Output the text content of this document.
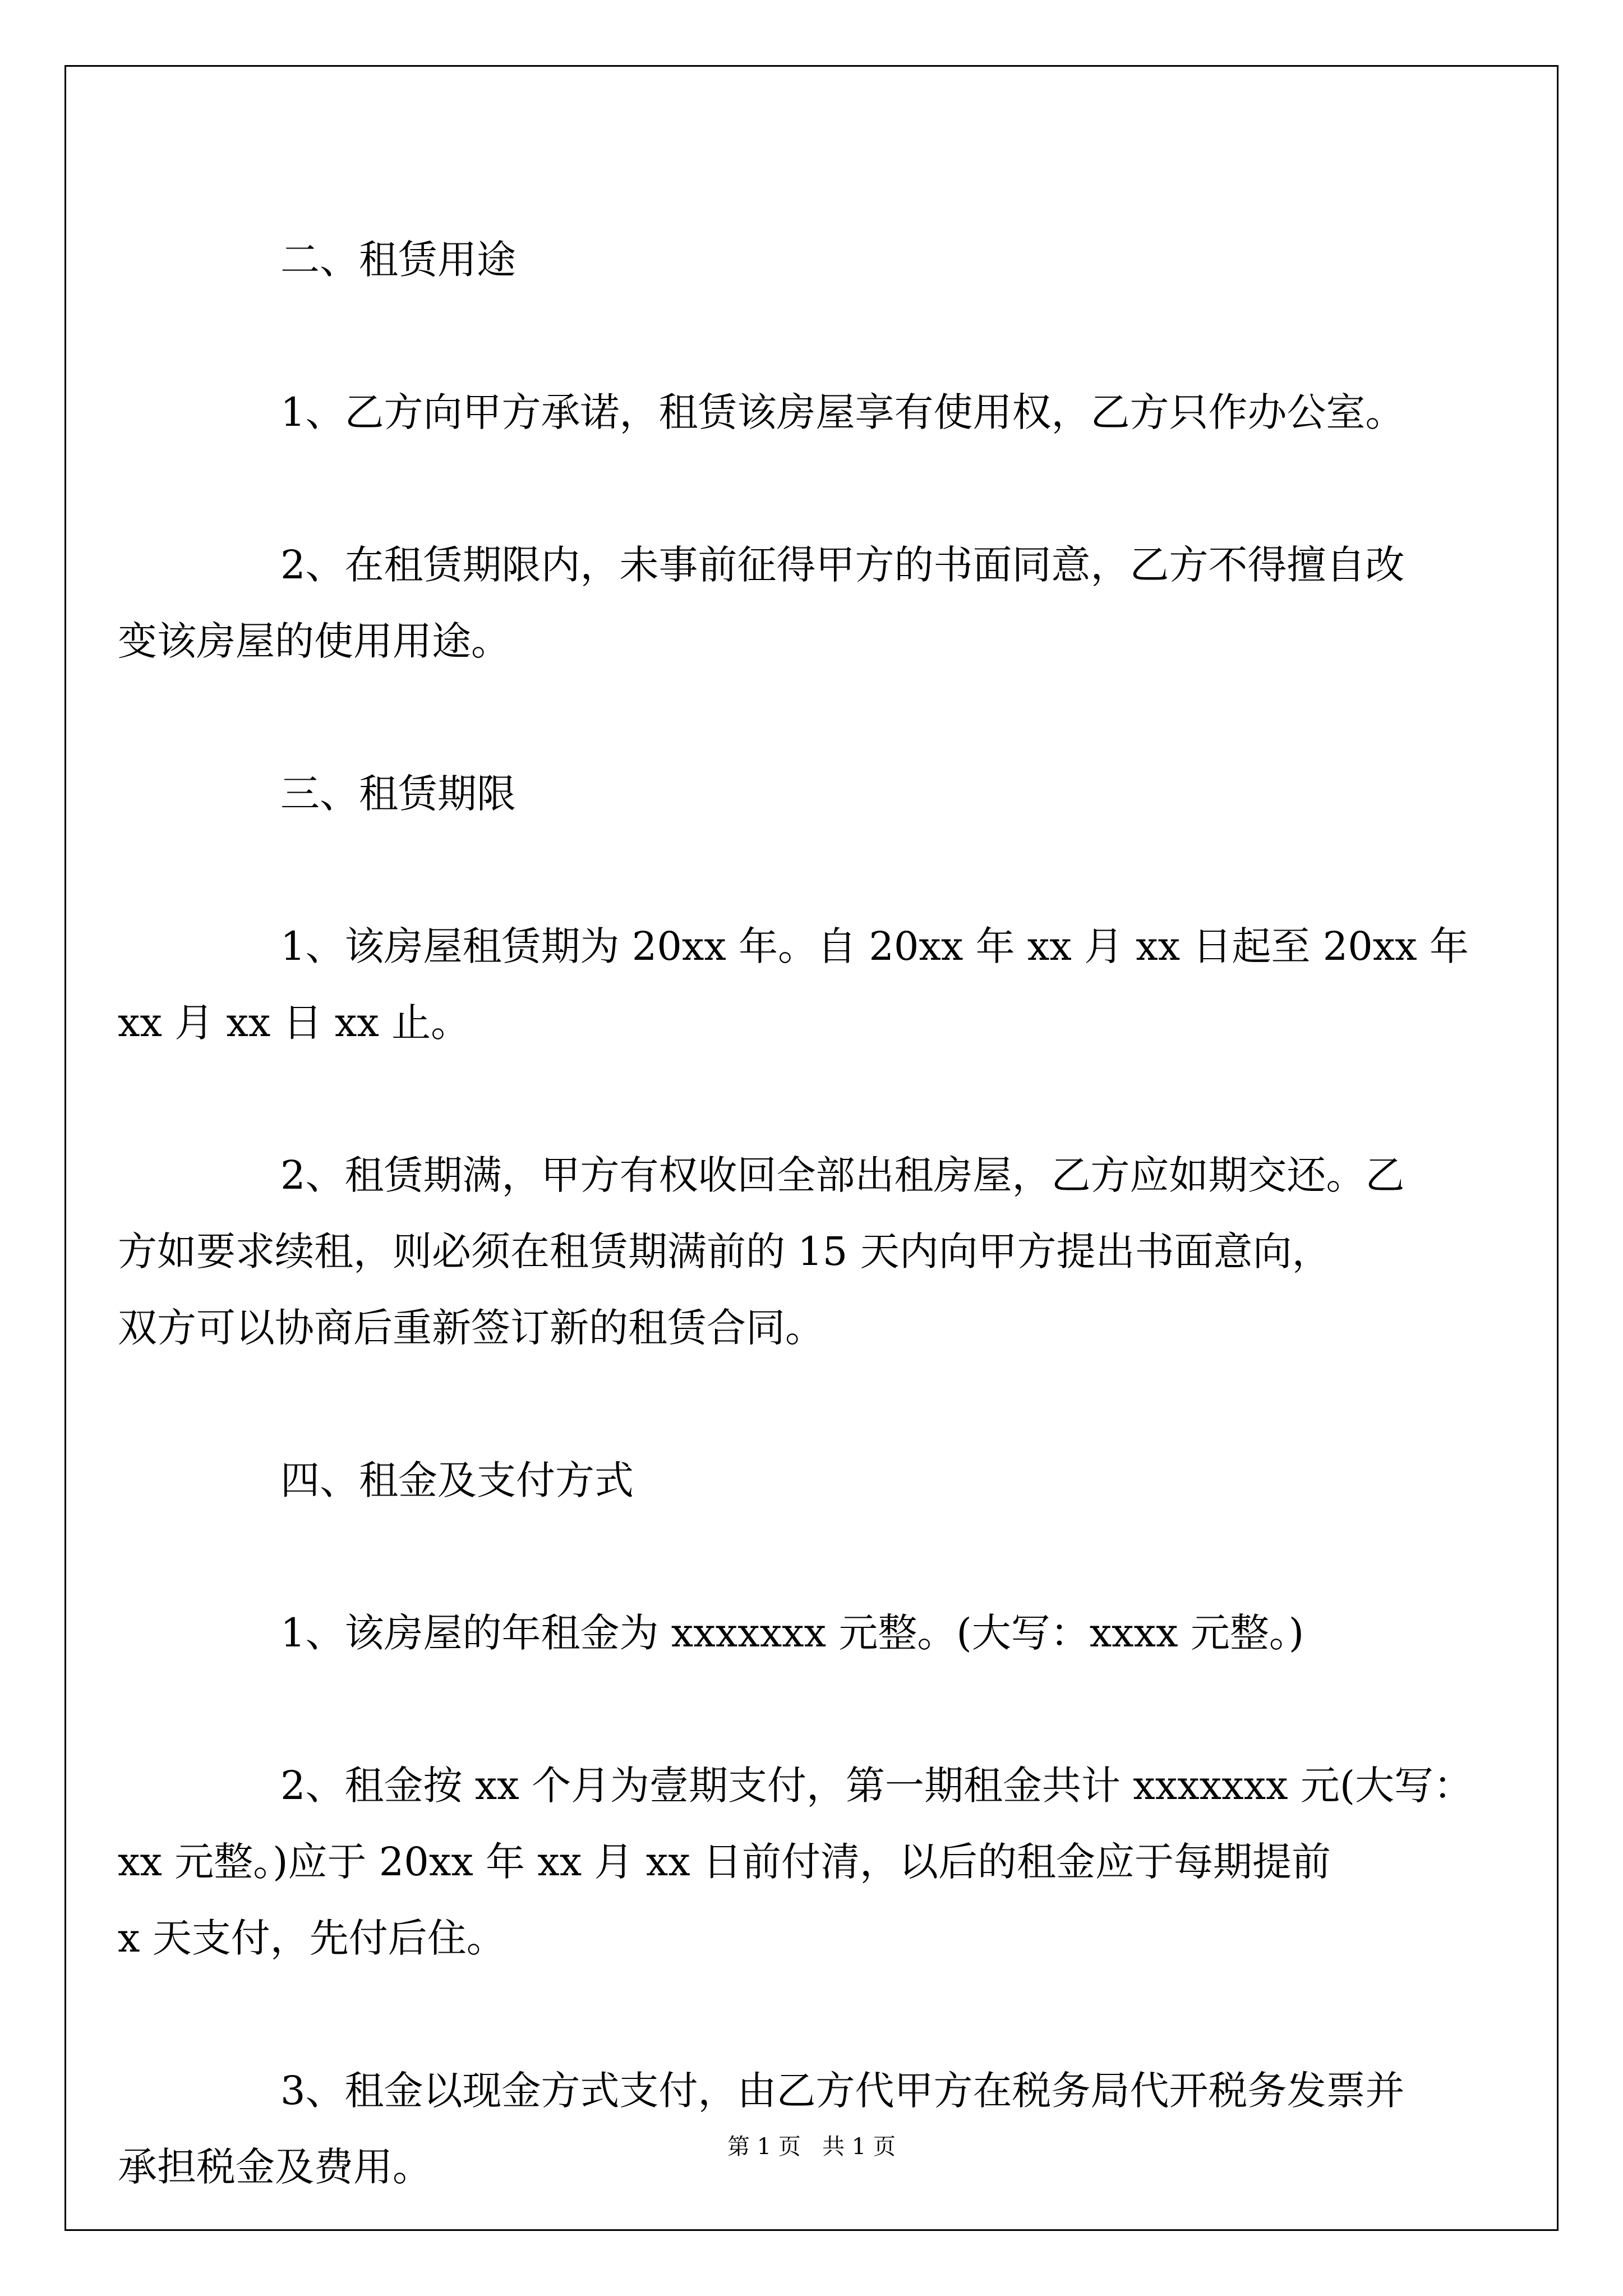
二、租赁用途

1、乙方向甲方承诺，租赁该房屋享有使用权，乙方只作办公室。

2、在租赁期限内，未事前征得甲方的书面同意，乙方不得擅自改
变该房屋的使用用途。

三、租赁期限

1、该房屋租赁期为 20xx 年。自 20xx 年 xx 月 xx 日起至 20xx 年
xx 月 xx 日 xx 止。

2、租赁期满，甲方有权收回全部出租房屋，乙方应如期交还。乙
方如要求续租，则必须在租赁期满前的 15 天内向甲方提出书面意向，
双方可以协商后重新签订新的租赁合同。

四、租金及支付方式

1、该房屋的年租金为 xxxxxxx 元整。(大写：xxxx 元整。)

2、租金按 xx 个月为壹期支付，第一期租金共计 xxxxxxx 元(大写：
xx 元整。)应于 20xx 年 xx 月 xx 日前付清，以后的租金应于每期提前
x 天支付，先付后住。

3、租金以现金方式支付，由乙方代甲方在税务局代开税务发票并
承担税金及费用。	第 1 页 共 1 页
